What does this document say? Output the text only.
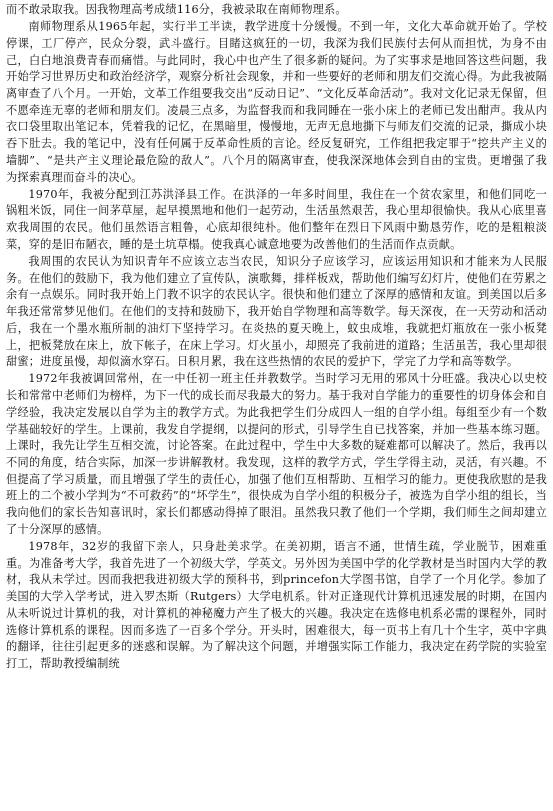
而不敢录取我。因我物理高考成绩116分，我被录取在南师物理系。

南师物理系从1965年起，实行半工半读，教学进度十分缓慢。不到一年，文化大革命就开始了。学校停课，工厂停产，民众分裂，武斗盛行。目睹这疯狂的一切，我深为我们民族付去何从而担忧，为身不由己，白白地浪费青春而痛惜。与此同时，我心中也产生了很多新的疑问。为了实事求是地回答这些问题，我开始学习世界历史和政治经济学，观察分析社会现象，并和一些要好的老师和朋友们交流心得。为此我被隔离审查了八个月。一开始，文革工作组要我交出“反动日记”、“文化反革命活动”。我对文化记录无保留，但不愿牵连无辜的老师和朋友们。凌晨三点多，为监督我而和我同睡在一张小床上的老师已发出酣声。我从内衣口袋里取出笔记本，凭着我的记忆，在黑暗里，慢慢地，无声无息地撕下与师友们交流的记录，撕成小块吞下肚去。我的笔记中，没有任何属于反革命性质的言论。经反复研究，工作组把我定罪于“挖共产主义的墙脚”、“是共产主义理论最危险的敌人”。八个月的隔离审查，使我深深地体会到自由的宝贵。更增强了我为探索真理而奋斗的决心。

1970年，我被分配到江苏洪泽县工作。在洪泽的一年多时间里，我住在一个贫农家里，和他们同吃一锅粗米饭，同住一间茅草屋，起早摸黑地和他们一起劳动，生活虽然艰苦，我心里却很愉快。我从心底里喜欢我周围的农民。他们虽然语言粗鲁，心底却很纯朴。他们整年在烈日下风雨中勤恳劳作，吃的是粗粮淡菜，穿的是旧布陋衣，睡的是土坑草榻。使我真心诚意地要为改善他们的生活而作点贡献。

我周围的农民认为知识青年不应该立志当农民，知识分子应该学习，应该运用知识和才能来为人民服务。在他们的鼓励下，我为他们建立了宣传队，演歌舞，排样板戏，帮助他们编写幻灯片，使他们在劳累之余有一点娱乐。同时我开始上门教不识字的农民认字。很快和他们建立了深厚的感情和友谊。到美国以后多年我还常常梦见他们。在他们的支持和鼓励下，我开始自学物理和高等数学。每天深夜，在一天劳动和活动后，我在一个墨水瓶所制的油灯下坚持学习。在炎热的夏天晚上，蚊虫成堆，我就把灯瓶放在一张小板凳上，把板凳放在床上，放下帐子，在床上学习。灯火虽小，却照亮了我前进的道路；生活虽苦，我心里却很甜蜜；进度虽慢，却似滴水穿石。日积月累，我在这些热情的农民的爱护下，学完了力学和高等数学。

1972年我被调回常州，在一中任初一班主任并教数学。当时学习无用的邪风十分旺盛。我决心以史校长和常常中老师们为榜样，为下一代的成长而尽我最大的努力。基于我对自学能力的重要性的切身体会和自学经验，我决定发展以自学为主的教学方式。为此我把学生们分成四人一组的自学小组。每组至少有一个数学基础较好的学生。上课前，我发自学提纲，以提问的形式，引导学生自已找答案，并加一些基本练习题。上课时，我先让学生互相交流，讨论答案。在此过程中，学生中大多数的疑难都可以解决了。然后，我再以不同的角度，结合实际，加深一步讲解教材。我发现，这样的教学方式，学生学得主动，灵活，有兴趣。不但提高了学习质量，而且增强了学生的责任心，加强了他们互相帮助、互相学习的能力。更使我欣慰的是我班上的二个被小学判为“不可救药”的“坏学生”，很快成为自学小组的积极分子，被选为自学小组的组长，当我向他们的家长告知喜讯时，家长们都感动得掉了眼泪。虽然我只教了他们一个学期，我们师生之间却建立了十分深厚的感情。

1978年，32岁的我留下亲人，只身赴美求学。在美初期，语言不通，世情生疏，学业脱节，困难重重。为准备考大学，我首先进了一个初级大学，学英文。另外因为美国中学的化学教材是当时国内大学的教材，我从未学过。因而我把我进初级大学的预科书，到princefon大学图书馆，自学了一个月化学。参加了美国的大学入学考试，进入罗杰斯（Rutgers）大学电机系。针对正逢现代计算机迅速发展的时期，在国内从未听说过计算机的我，对计算机的神秘魔力产生了极大的兴趣。我决定在选修电机系必需的课程外，同时选修计算机系的课程。因而多选了一百多个学分。开头时，困难很大，每一页书上有几十个生字，英中字典的翻译，往往引起更多的迷惑和误解。为了解决这个问题，并增强实际工作能力，我决定在药学院的实验室打工，帮助教授编制统
